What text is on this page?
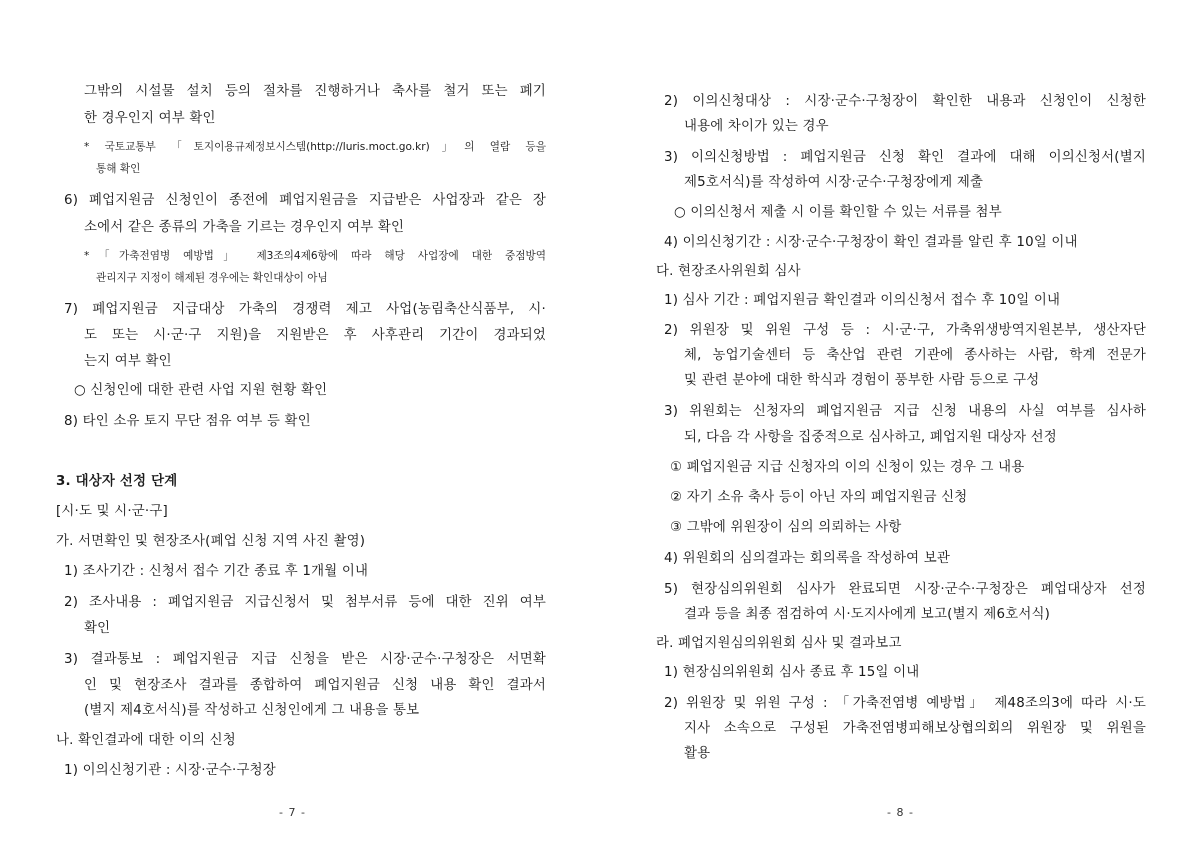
그밖의 시설물 설치 등의 절차를 진행하거나 축사를 철거 또는 폐기
한 경우인지 여부 확인
* 국토교통부 「토지이용규제정보시스템(http://luris.moct.go.kr)」의 열람 등을
통해 확인
6) 폐업지원금 신청인이 종전에 폐업지원금을 지급받은 사업장과 같은 장
소에서 같은 종류의 가축을 기르는 경우인지 여부 확인
*「가축전염병 예방법」 제3조의4제6항에 따라 해당 사업장에 대한 중점방역
관리지구 지정이 해제된 경우에는 확인대상이 아님
7) 폐업지원금 지급대상 가축의 경쟁력 제고 사업(농림축산식품부, 시·
도 또는 시·군·구 지원)을 지원받은 후 사후관리 기간이 경과되었
는지 여부 확인
○ 신청인에 대한 관련 사업 지원 현황 확인
8) 타인 소유 토지 무단 점유 여부 등 확인
3. 대상자 선정 단계
[시·도 및 시·군·구]
가. 서면확인 및 현장조사(폐업 신청 지역 사진 촬영)
1) 조사기간 : 신청서 접수 기간 종료 후 1개월 이내
2) 조사내용 : 폐업지원금 지급신청서 및 첨부서류 등에 대한 진위 여부
확인
3) 결과통보 : 폐업지원금 지급 신청을 받은 시장·군수·구청장은 서면확
인 및 현장조사 결과를 종합하여 폐업지원금 신청 내용 확인 결과서
(별지 제4호서식)를 작성하고 신청인에게 그 내용을 통보
나. 확인결과에 대한 이의 신청
1) 이의신청기관 : 시장·군수·구청장
- 7 -
2) 이의신청대상 : 시장·군수·구청장이 확인한 내용과 신청인이 신청한
내용에 차이가 있는 경우
3) 이의신청방법 : 폐업지원금 신청 확인 결과에 대해 이의신청서(별지
제5호서식)를 작성하여 시장·군수·구청장에게 제출
○ 이의신청서 제출 시 이를 확인할 수 있는 서류를 첨부
4) 이의신청기간 : 시장·군수·구청장이 확인 결과를 알린 후 10일 이내
다. 현장조사위원회 심사
1) 심사 기간 : 폐업지원금 확인결과 이의신청서 접수 후 10일 이내
2) 위원장 및 위원 구성 등 : 시·군·구, 가축위생방역지원본부, 생산자단
체, 농업기술센터 등 축산업 관련 기관에 종사하는 사람, 학계 전문가
및 관련 분야에 대한 학식과 경험이 풍부한 사람 등으로 구성
3) 위원회는 신청자의 폐업지원금 지급 신청 내용의 사실 여부를 심사하
되, 다음 각 사항을 집중적으로 심사하고, 폐업지원 대상자 선정
① 폐업지원금 지급 신청자의 이의 신청이 있는 경우 그 내용
② 자기 소유 축사 등이 아닌 자의 폐업지원금 신청
③ 그밖에 위원장이 심의 의뢰하는 사항
4) 위원회의 심의결과는 회의록을 작성하여 보관
5) 현장심의위원회 심사가 완료되면 시장·군수·구청장은 폐업대상자 선정
결과 등을 최종 점검하여 시·도지사에게 보고(별지 제6호서식)
라. 폐업지원심의위원회 심사 및 결과보고
1) 현장심의위원회 심사 종료 후 15일 이내
2) 위원장 및 위원 구성 : 「가축전염병 예방법」 제48조의3에 따라 시·도
지사 소속으로 구성된 가축전염병피해보상협의회의 위원장 및 위원을
활용
- 8 -
